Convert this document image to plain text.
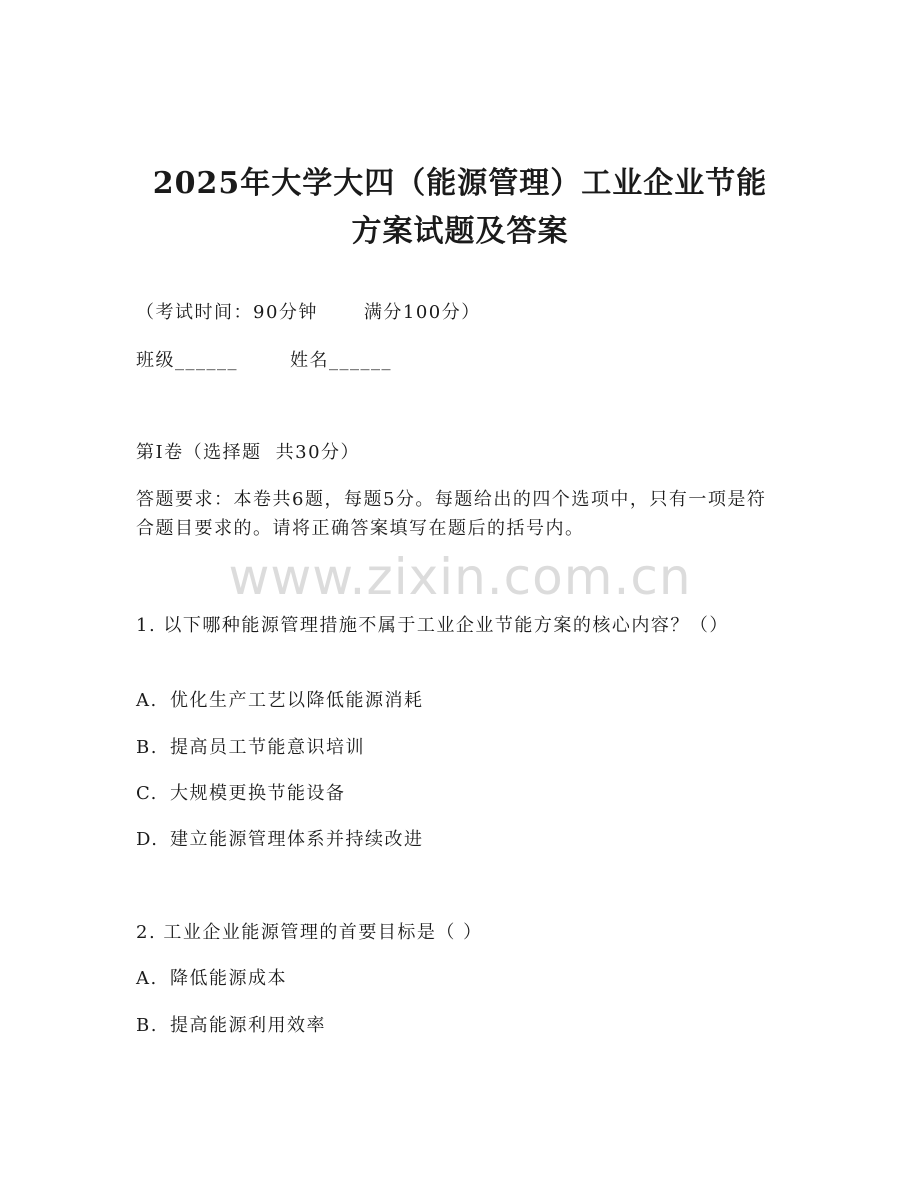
2025年大学大四（能源管理）工业企业节能
方案试题及答案
（考试时间：90分钟	满分100分）
班级______	姓名______
第I卷（选择题 共30分）
答题要求：本卷共6题，每题5分。每题给出的四个选项中，只有一项是符合题目要求的。请将正确答案填写在题后的括号内。
www.zixin.com.cn
1. 以下哪种能源管理措施不属于工业企业节能方案的核心内容？（）
A. 优化生产工艺以降低能源消耗
B. 提高员工节能意识培训
C. 大规模更换节能设备
D. 建立能源管理体系并持续改进
2. 工业企业能源管理的首要目标是（ ）
A. 降低能源成本
B. 提高能源利用效率
